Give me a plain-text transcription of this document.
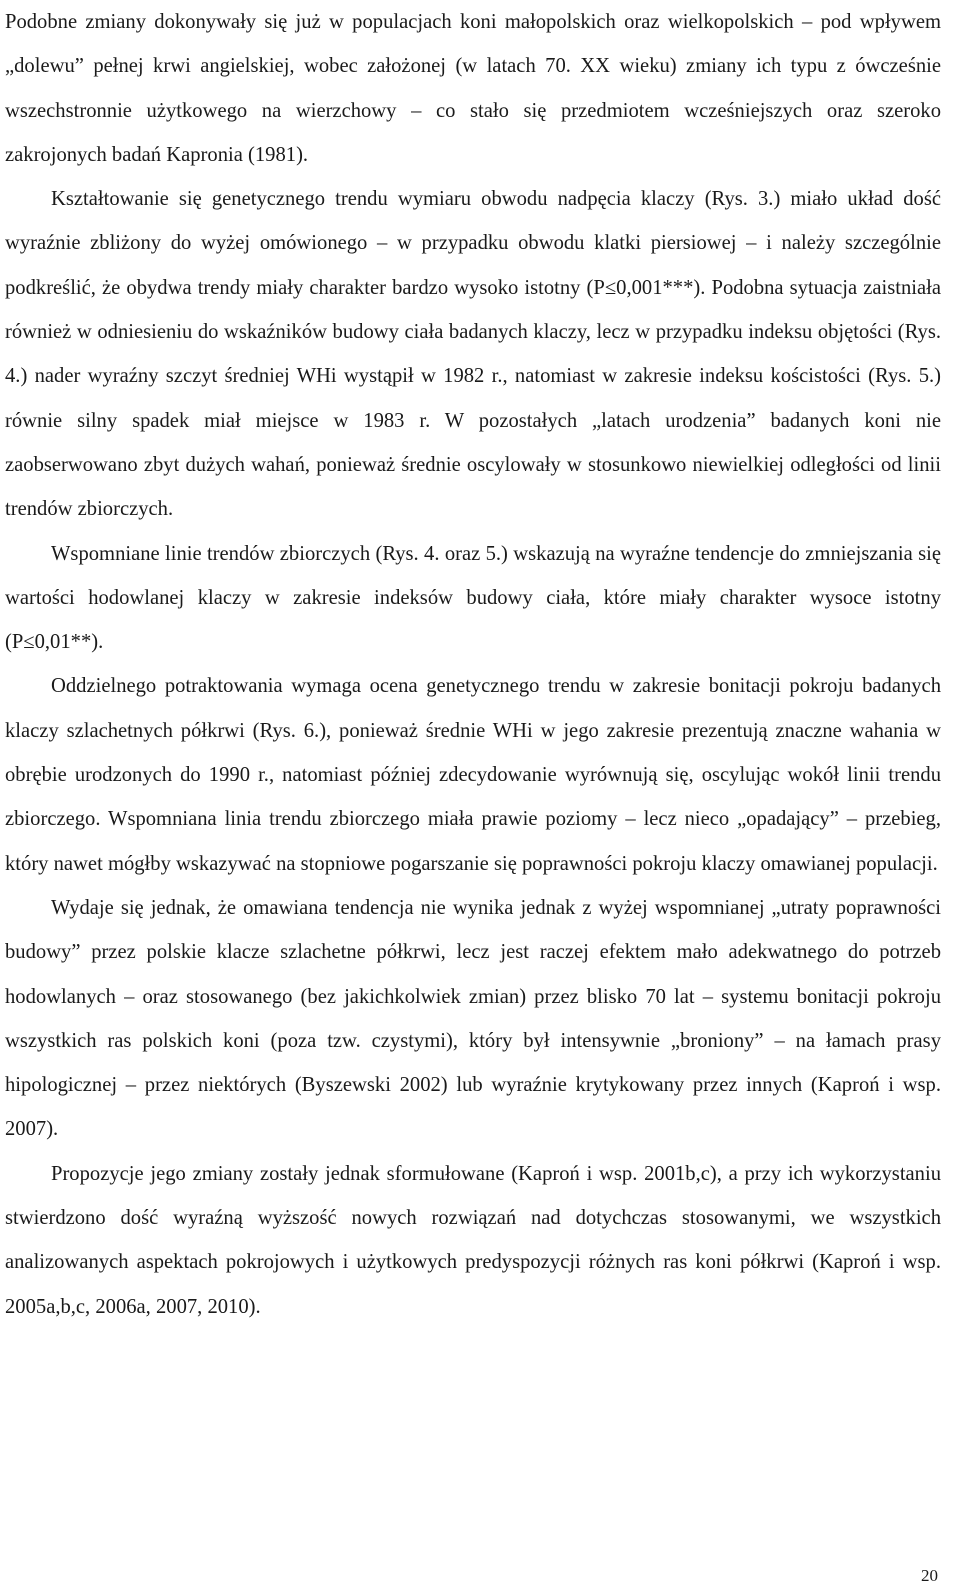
Podobne zmiany dokonywały się już w populacjach koni małopolskich oraz wielkopolskich – pod wpływem „dolewu” pełnej krwi angielskiej, wobec założonej (w latach 70. XX wieku) zmiany ich typu z ówcześnie wszechstronnie użytkowego na wierzchowy – co stało się przedmiotem wcześniejszych oraz szeroko zakrojonych badań Kapronia (1981).

Kształtowanie się genetycznego trendu wymiaru obwodu nadpęcia klaczy (Rys. 3.) miało układ dość wyraźnie zbliżony do wyżej omówionego – w przypadku obwodu klatki piersiowej – i należy szczególnie podkreślić, że obydwa trendy miały charakter bardzo wysoko istotny (P≤0,001***). Podobna sytuacja zaistniała również w odniesieniu do wskaźników budowy ciała badanych klaczy, lecz w przypadku indeksu objętości (Rys. 4.) nader wyraźny szczyt średniej WHi wystąpił w 1982 r., natomiast w zakresie indeksu kościstości (Rys. 5.) równie silny spadek miał miejsce w 1983 r. W pozostałych „latach urodzenia” badanych koni nie zaobserwowano zbyt dużych wahań, ponieważ średnie oscylowały w stosunkowo niewielkiej odległości od linii trendów zbiorczych.

Wspomniane linie trendów zbiorczych (Rys. 4. oraz 5.) wskazują na wyraźne tendencje do zmniejszania się wartości hodowlanej klaczy w zakresie indeksów budowy ciała, które miały charakter wysoce istotny (P≤0,01**).

Oddzielnego potraktowania wymaga ocena genetycznego trendu w zakresie bonitacji pokroju badanych klaczy szlachetnych półkrwi (Rys. 6.), ponieważ średnie WHi w jego zakresie prezentują znaczne wahania w obrębie urodzonych do 1990 r., natomiast później zdecydowanie wyrównują się, oscylując wokół linii trendu zbiorczego. Wspomniana linia trendu zbiorczego miała prawie poziomy – lecz nieco „opadający” – przebieg, który nawet mógłby wskazywać na stopniowe pogarszanie się poprawności pokroju klaczy omawianej populacji.

Wydaje się jednak, że omawiana tendencja nie wynika jednak z wyżej wspomnianej „utraty poprawności budowy” przez polskie klacze szlachetne półkrwi, lecz jest raczej efektem mało adekwatnego do potrzeb hodowlanych – oraz stosowanego (bez jakichkolwiek zmian) przez blisko 70 lat – systemu bonitacji pokroju wszystkich ras polskich koni (poza tzw. czystymi), który był intensywnie „broniony” – na łamach prasy hipologicznej – przez niektórych (Byszewski 2002) lub wyraźnie krytykowany przez innych (Kaproń i wsp. 2007).

Propozycje jego zmiany zostały jednak sformułowane (Kaproń i wsp. 2001b,c), a przy ich wykorzystaniu stwierdzono dość wyraźną wyższość nowych rozwiązań nad dotychczas stosowanymi, we wszystkich analizowanych aspektach pokrojowych i użytkowych predyspozycji różnych ras koni półkrwi (Kaproń i wsp. 2005a,b,c, 2006a, 2007, 2010).

20
